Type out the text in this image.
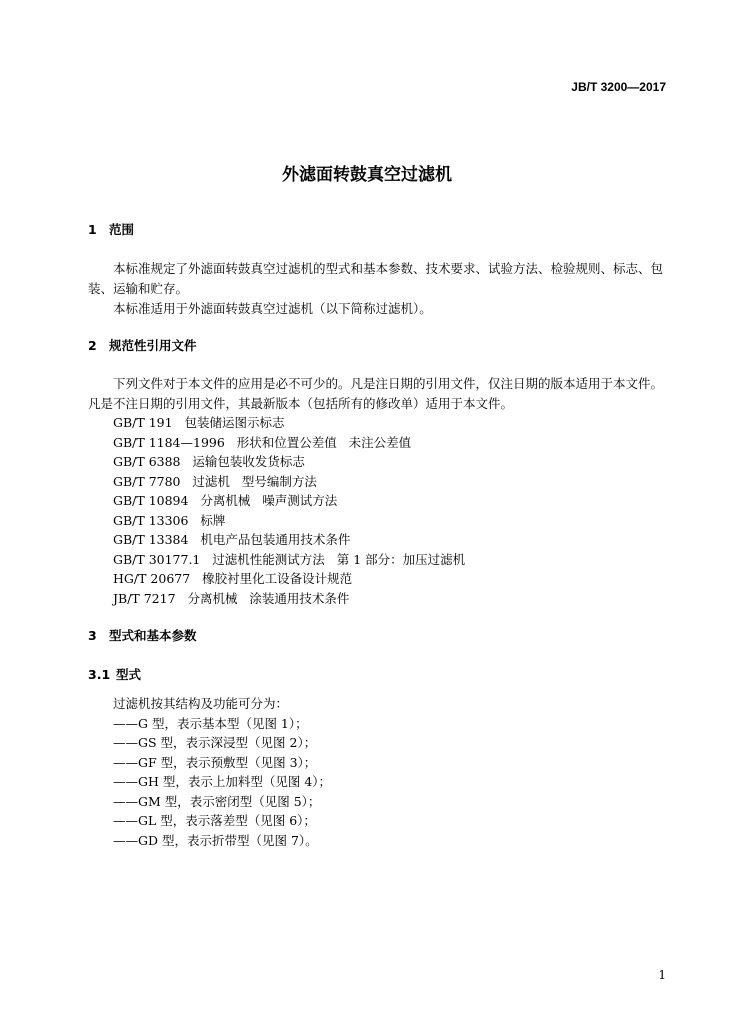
JB/T 3200—2017
外滤面转鼓真空过滤机
1 范围
本标准规定了外滤面转鼓真空过滤机的型式和基本参数、技术要求、试验方法、检验规则、标志、包装、运输和贮存。
本标准适用于外滤面转鼓真空过滤机（以下简称过滤机）。
2 规范性引用文件
下列文件对于本文件的应用是必不可少的。凡是注日期的引用文件，仅注日期的版本适用于本文件。凡是不注日期的引用文件，其最新版本（包括所有的修改单）适用于本文件。
GB/T 191   包装储运图示标志
GB/T 1184—1996   形状和位置公差值   未注公差值
GB/T 6388   运输包装收发货标志
GB/T 7780   过滤机   型号编制方法
GB/T 10894   分离机械   噪声测试方法
GB/T 13306   标牌
GB/T 13384   机电产品包装通用技术条件
GB/T 30177.1   过滤机性能测试方法   第 1 部分：加压过滤机
HG/T 20677   橡胶衬里化工设备设计规范
JB/T 7217   分离机械   涂装通用技术条件
3 型式和基本参数
3.1 型式
过滤机按其结构及功能可分为：
——G 型，表示基本型（见图 1）；
——GS 型，表示深浸型（见图 2）；
——GF 型，表示预敷型（见图 3）；
——GH 型，表示上加料型（见图 4）；
——GM 型，表示密闭型（见图 5）；
——GL 型，表示落差型（见图 6）；
——GD 型，表示折带型（见图 7）。
1
